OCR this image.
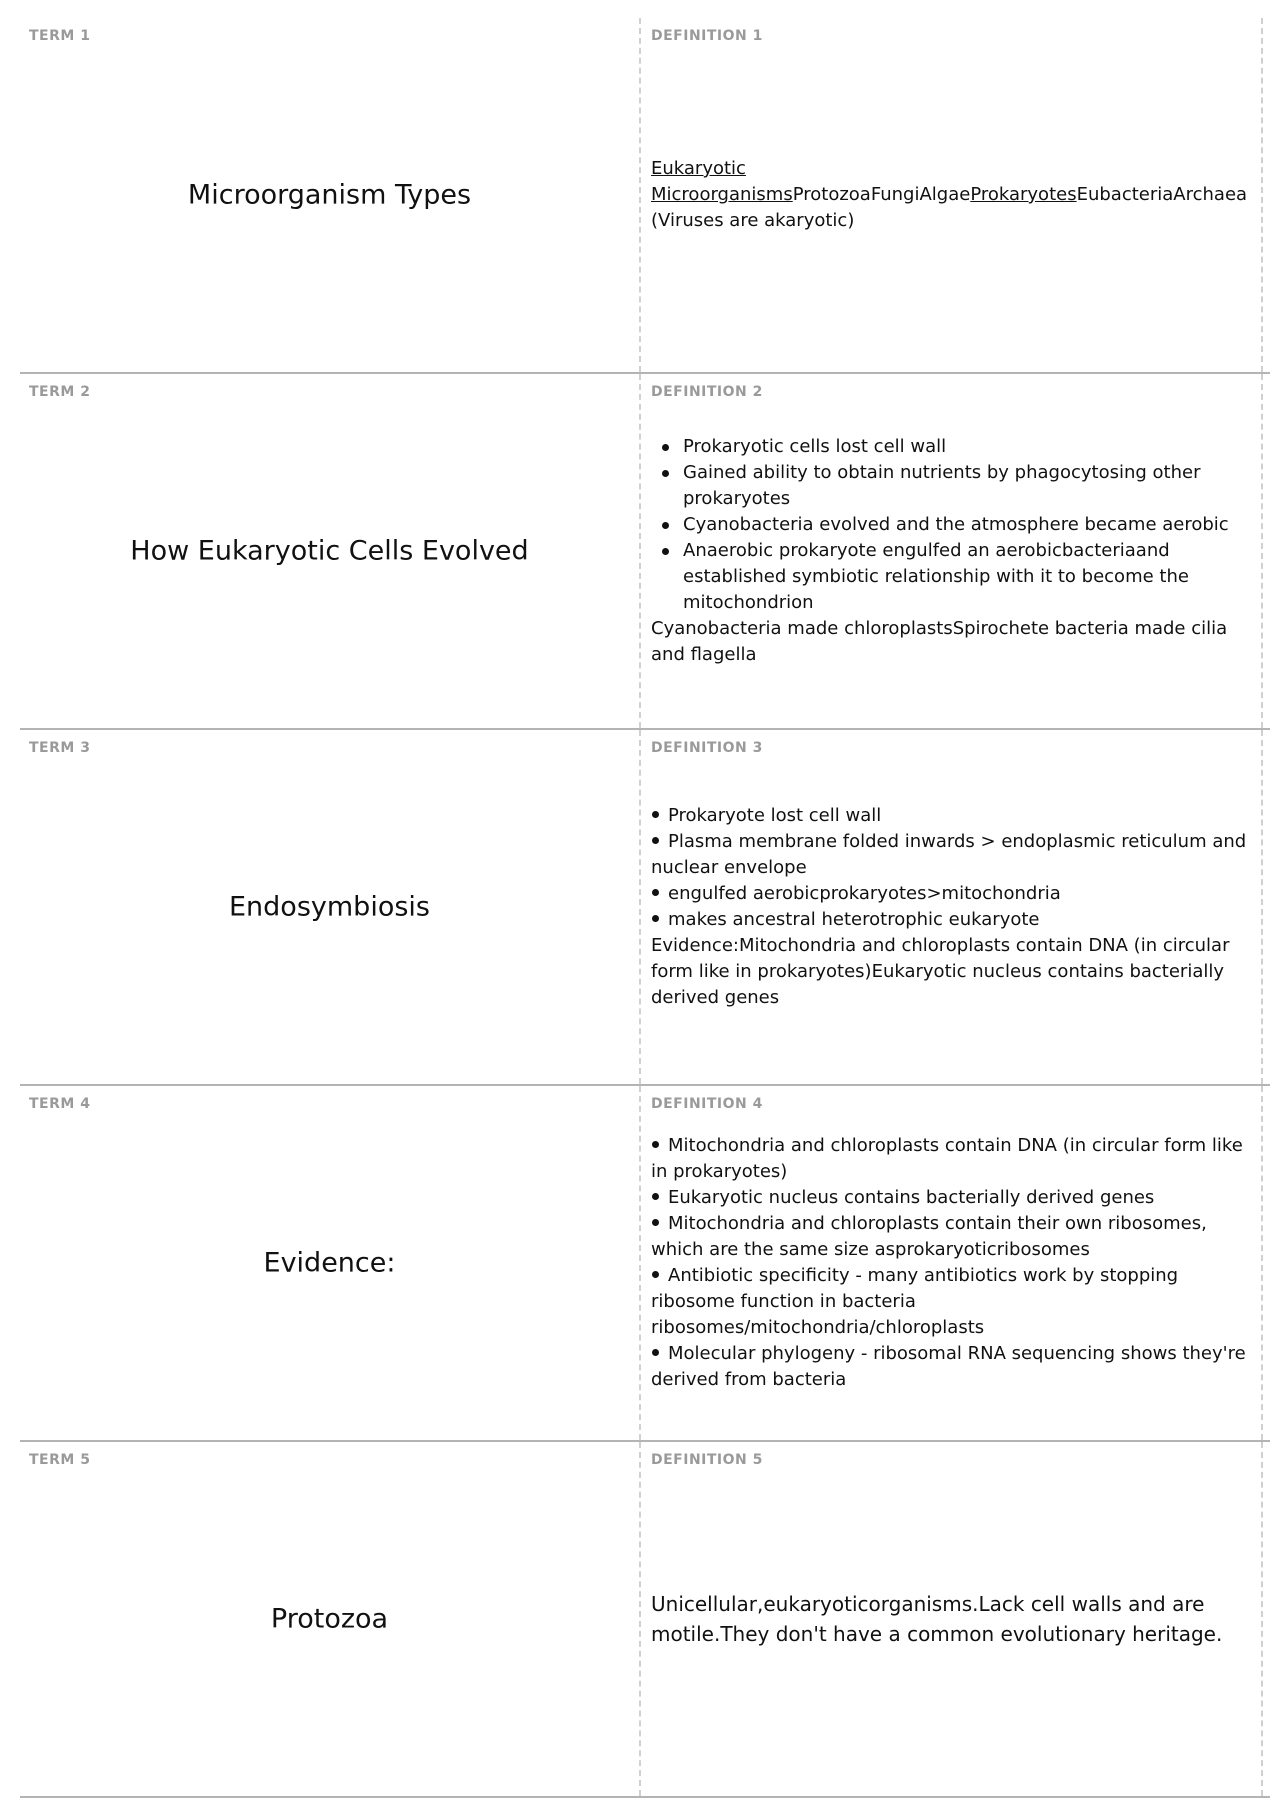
TERM 1
Microorganism Types
DEFINITION 1
Eukaryotic
MicroorganismsProtozoaFungiAlgaeProkaryotesEubacteriaArchaea
(Viruses are akaryotic)
TERM 2
How Eukaryotic Cells Evolved
DEFINITION 2
Prokaryotic cells lost cell wall
Gained ability to obtain nutrients by phagocytosing other prokaryotes
Cyanobacteria evolved and the atmosphere became aerobic
Anaerobic prokaryote engulfed an aerobicbacteriaand established symbiotic relationship with it to become the mitochondrion
Cyanobacteria made chloroplastsSpirochete bacteria made cilia and flagella
TERM 3
Endosymbiosis
DEFINITION 3
Prokaryote lost cell wall
Plasma membrane folded inwards > endoplasmic reticulum and nuclear envelope
engulfed aerobicprokaryotes>mitochondria
makes ancestral heterotrophic eukaryote
Evidence:Mitochondria and chloroplasts contain DNA (in circular form like in prokaryotes)Eukaryotic nucleus contains bacterially derived genes
TERM 4
Evidence:
DEFINITION 4
Mitochondria and chloroplasts contain DNA (in circular form like in prokaryotes)
Eukaryotic nucleus contains bacterially derived genes
Mitochondria and chloroplasts contain their own ribosomes, which are the same size asprokaryoticribosomes
Antibiotic specificity - many antibiotics work by stopping ribosome function in bacteria ribosomes/mitochondria/chloroplasts
Molecular phylogeny - ribosomal RNA sequencing shows they're derived from bacteria
TERM 5
Protozoa
DEFINITION 5
Unicellular,eukaryoticorganisms.Lack cell walls and are motile.They don't have a common evolutionary heritage.
